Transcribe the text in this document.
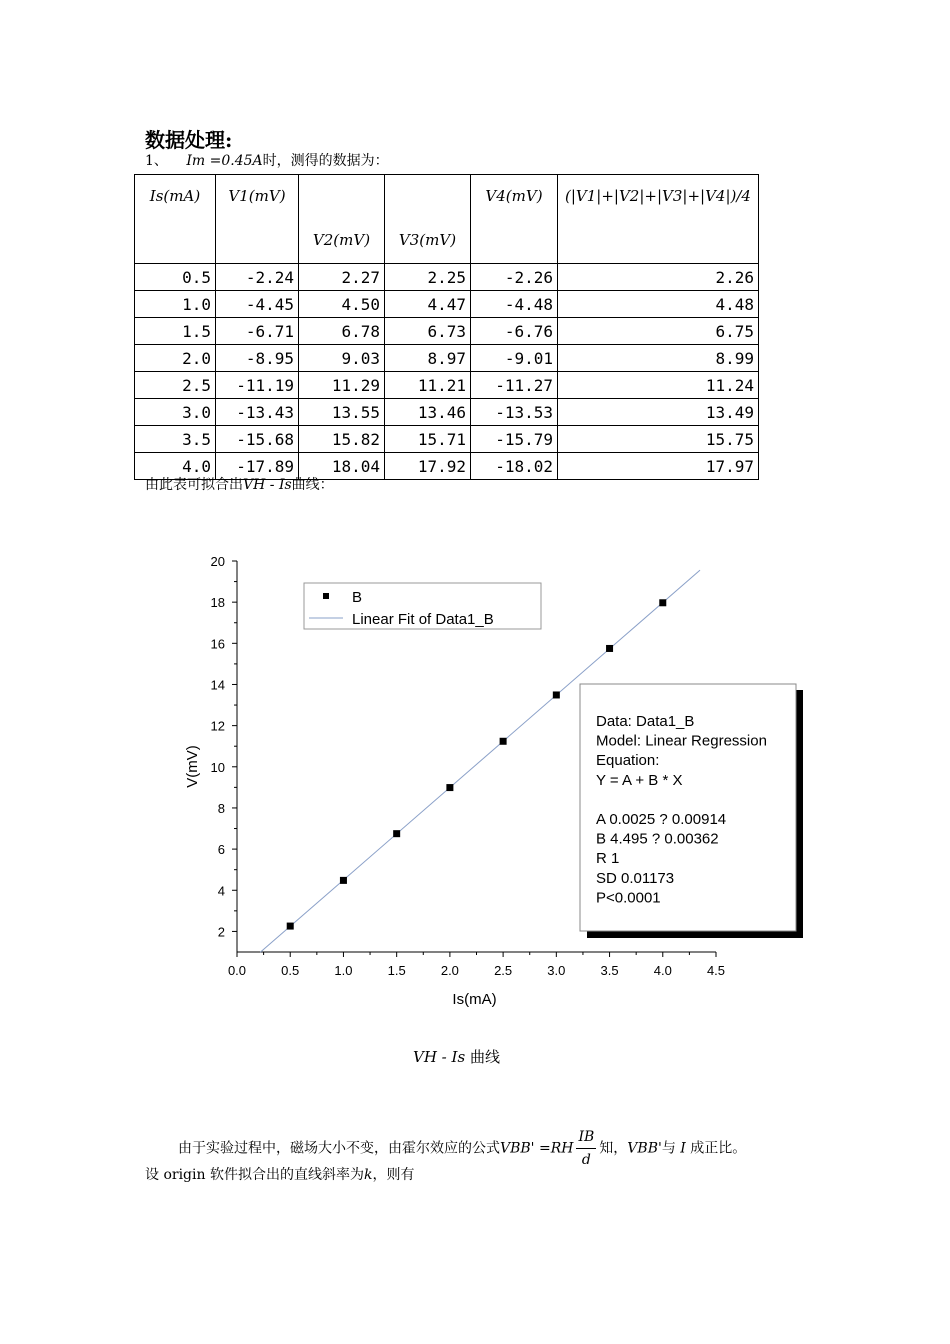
数据处理:
1、 Im =0.45A时，测得的数据为：
Is(mA)	V1(mV)	V2(mV)	V3(mV)	V4(mV)	(|V1|+|V2|+|V3|+|V4|)/4
0.5	-2.24	2.27	2.25	-2.26	2.26
1.0	-4.45	4.50	4.47	-4.48	4.48
1.5	-6.71	6.78	6.73	-6.76	6.75
2.0	-8.95	9.03	8.97	-9.01	8.99
2.5	-11.19	11.29	11.21	-11.27	11.24
3.0	-13.43	13.55	13.46	-13.53	13.49
3.5	-15.68	15.82	15.71	-15.79	15.75
4.0	-17.89	18.04	17.92	-18.02	17.97
由此表可拟合出VH - Is曲线：
0.0	0.5	1.0	1.5	2.0	2.5	3.0	3.5	4.0	4.5
2
4
6
8
10
12
14
16
18
20
Is(mA)
V(mV)
B
Linear Fit of Data1_B
Data: Data1_B
Model: Linear Regression
Equation:
Y = A + B * X
A 0.0025 ? 0.00914
B 4.495 ? 0.00362
R 1
SD 0.01173
P<0.0001
VH - Is 曲线
由于实验过程中，磁场大小不变，由霍尔效应的公式$VBB' =RH \frac{IB}{d}$ 知，VBB'与 I 成正比。
设 origin 软件拟合出的直线斜率为k，则有
